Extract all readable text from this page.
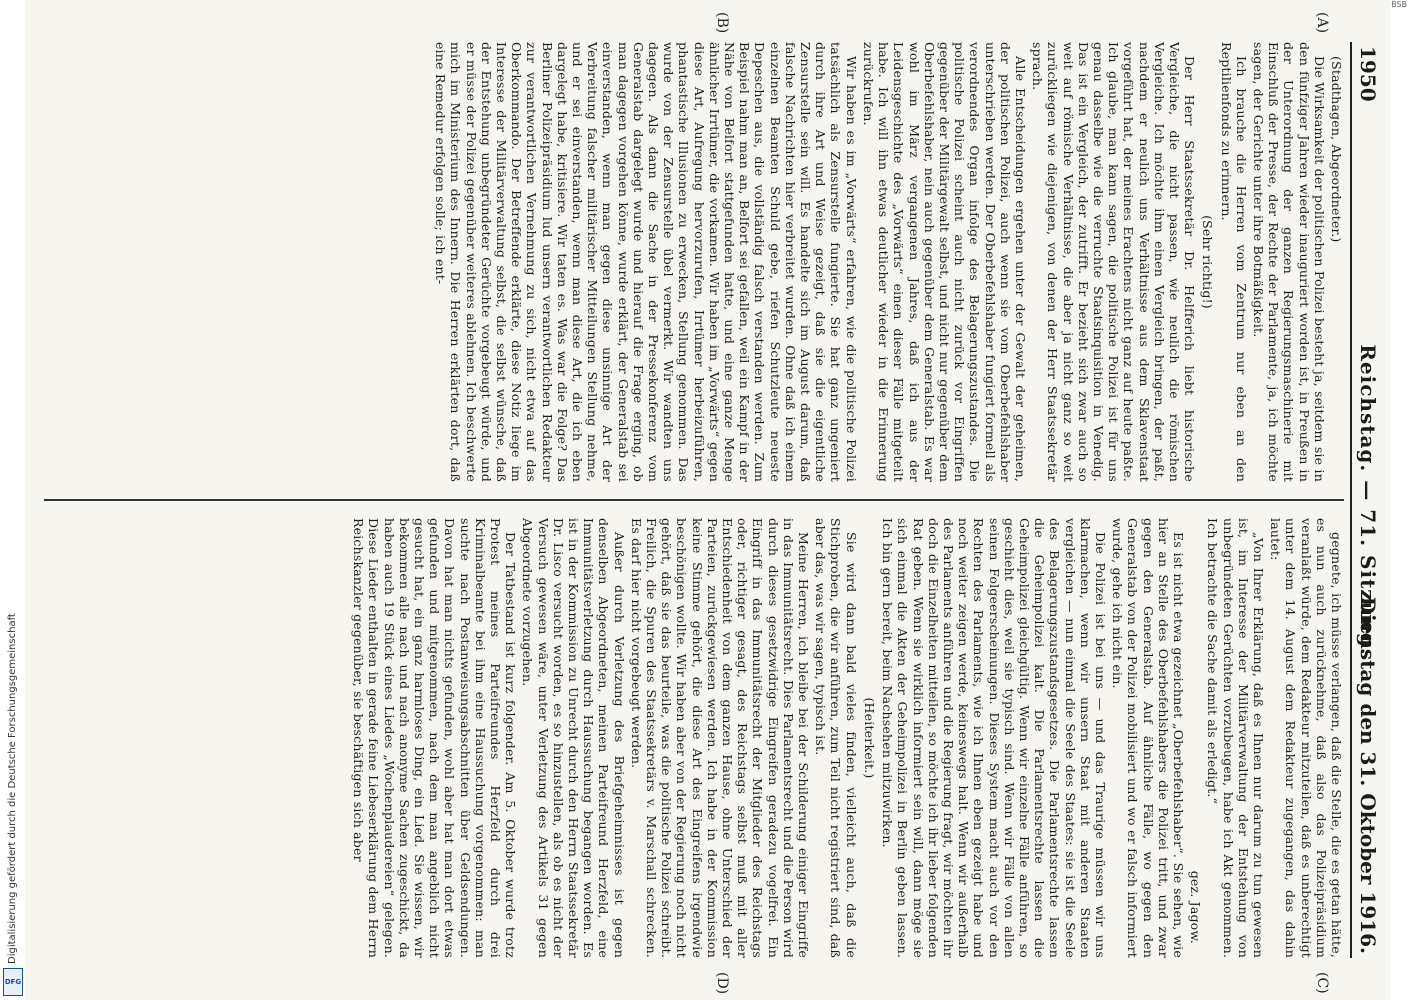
1950
Reichstag. — 71. Sitzung.
Dienstag den 31. Oktober 1916.
(A)
(B)
(C)
(D)

(Stadthagen, Abgeordneter.)

Die Wirksamkeit der politischen Polizei besteht ja, seitdem sie in den fünfziger Jahren wieder inauguriert worden ist, in Preußen in der Unterordnung der ganzen Regierungsmaschinerie mit Einschluß der Presse, der Rechte der Parlamente, ja, ich möchte sagen, der Gerichte unter ihre Botmäßigkeit.

Ich brauche die Herren vom Zentrum nur eben an den Reptilienfonds zu erinnern.

(Sehr richtig!)

Der Herr Staatssekretär Dr. Helfferich liebt historische Vergleiche, die nicht passen, wie neulich die römischen Vergleiche. Ich möchte ihm einen Vergleich bringen, der paßt, nachdem er neulich uns Verhältnisse aus dem Sklavenstaat vorgeführt hat, der meines Erachtens nicht ganz auf heute paßte. Ich glaube, man kann sagen, die politische Polizei ist für uns genau dasselbe wie die verruchte Staatsinquisition in Venedig. Das ist ein Vergleich, der zutrifft. Er bezieht sich zwar auch so weit auf römische Verhältnisse, die aber ja nicht ganz so weit zurückliegen wie diejenigen, von denen der Herr Staatssekretär sprach.

Alle Entscheidungen ergehen unter der Gewalt der geheimen, der politischen Polizei, auch wenn sie vom Oberbefehlshaber unterschrieben werden. Der Oberbefehlshaber fungiert formell als verordnendes Organ infolge des Belagerungszustandes. Die politische Polizei scheint auch nicht zurück vor Eingriffen gegenüber der Militärgewalt selbst, und nicht nur gegenüber dem Oberbefehlshaber, nein auch gegenüber dem Generalstab. Es war wohl im März vergangenen Jahres, daß ich aus der Leidensgeschichte des „Vorwärts“ einen dieser Fälle mitgeteilt habe. Ich will ihn etwas deutlicher wieder in die Erinnerung zurückrufen.

Wir haben es im „Vorwärts“ erfahren, wie die politische Polizei tatsächlich als Zensurstelle fungierte. Sie hat ganz ungeniert durch ihre Art und Weise gezeigt, daß sie die eigentliche Zensurstelle sein will. Es handelte sich im August darum, daß falsche Nachrichten hier verbreitet wurden. Ohne daß ich einem einzelnen Beamten Schuld gebe, riefen Schutzleute neueste Depeschen aus, die vollständig falsch verstanden werden. Zum Beispiel nahm man an, Belfort sei gefallen, weil ein Kampf in der Nähe von Belfort stattgefunden hatte, und eine ganze Menge ähnlicher Irrtümer, die vorkamen. Wir haben im „Vorwärts“ gegen diese Art, Aufregung hervorzurufen, Irrtümer herbeizuführen, phantastische Illusionen zu erwecken, Stellung genommen. Das wurde von der Zensurstelle übel vermerkt. Wir wandten uns dagegen. Als dann die Sache in der Pressekonferenz vom Generalstab dargelegt wurde und hierauf die Frage erging, ob man dagegen vorgehen könne, wurde erklärt, der Generalstab sei einverstanden, wenn man gegen diese unsinnige Art der Verbreitung falscher militärischer Mitteilungen Stellung nehme, und er sei einverstanden, wenn man diese Art, die ich eben dargelegt habe, kritisiere. Wir taten es. Was war die Folge? Das Berliner Polizeipräsidium lud unsern verantwortlichen Redakteur zur verantwortlichen Vernehmung zu sich, nicht etwa auf das Oberkommando. Der Betreffende erklärte, diese Notiz liege im Interesse der Militärverwaltung selbst, die selbst wünsche, daß der Entstehung unbegründeter Gerüchte vorgebeugt würde, und er müsse der Polizei gegenüber weiteres ablehnen. Ich beschwerte mich im Ministerium des Innern. Die Herren erklärten dort, daß eine Remedur erfolgen solle; ich ent-

gegnete, ich müsse verlangen, daß die Stelle, die es getan hätte, es nun auch zurücknehme, daß also das Polizeipräsidium veranlaßt würde, dem Redakteur mitzuteilen, daß es unberechtigt unter dem 14. August dem Redakteur zugegangen, das dahin lautet:

„Von Ihrer Erklärung, daß es Ihnen nur darum zu tun gewesen ist, im Interesse der Militärverwaltung der Entstehung von unbegründeten Gerüchten vorzubeugen, habe ich Akt genommen. Ich betrachte die Sache damit als erledigt.“

gez. Jagow.

Es ist nicht etwa gezeichnet „Oberbefehlshaber“. Sie sehen, wie hier an Stelle des Oberbefehlshabers die Polizei tritt, und zwar gegen den Generalstab. Auf ähnliche Fälle, wo gegen den Generalstab von der Polizei mobilisiert und wo er falsch informiert wurde, gehe ich nicht ein.

Die Polizei ist bei uns — und das Traurige müssen wir uns klarmachen, wenn wir unsern Staat mit anderen Staaten vergleichen — nun einmal die Seele des Staates: sie ist die Seele des Belagerungszustandsgesetzes. Die Parlamentsrechte lassen die Geheimpolizei kalt. Die Parlamentsrechte lassen die Geheimpolizei gleichgültig. Wenn wir einzelne Fälle anführen, so geschieht dies, weil sie typisch sind. Wenn wir Fälle von allen seinen Folgeerscheinungen. Dieses System macht auch vor den Rechten des Parlaments, wie ich Ihnen eben gezeigt habe und noch weiter zeigen werde, keineswegs halt. Wenn wir außerhalb des Parlaments anführen und die Regierung fragt, wir möchten ihr doch die Einzelheiten mitteilen, so möchte ich ihr lieber folgenden Rat geben. Wenn sie wirklich informiert sein will, dann möge sie sich einmal die Akten der Geheimpolizei in Berlin geben lassen. Ich bin gern bereit, beim Nachsehen mitzuwirken.

(Heiterkeit.)

Sie wird dann bald vieles finden, vielleicht auch, daß die Stichproben, die wir anführen, zum Teil nicht registriert sind, daß aber das, was wir sagen, typisch ist.

Meine Herren, ich bleibe bei der Schilderung einiger Eingriffe in das Immunitätsrecht. Dies Parlamentsrecht und die Person wird durch dieses gesetzwidrige Eingreifen geradezu vogelfrei. Ein Eingriff in das Immunitätsrecht der Mitglieder des Reichstags oder, richtiger gesagt, des Reichstags selbst muß mit aller Entschiedenheit von dem ganzen Hause, ohne Unterschied der Parteien, zurückgewiesen werden. Ich habe in der Kommission keine Stimme gehört, die diese Art des Eingreifens irgendwie beschönigen wollte. Wir haben aber von der Regierung noch nicht gehört, daß sie das beurteile, was die politische Polizei schreibt. Freilich, die Spuren des Staatssekretärs v. Marschall schrecken. Es darf hier nicht vorgebeugt werden.

Außer durch Verletzung des Briefgeheimnisses ist gegen denselben Abgeordneten, meinen Parteifreund Herzfeld, eine Immunitätsverletzung durch Haussuchung begangen worden. Es ist in der Kommission zu Unrecht durch den Herrn Staatssekretär Dr. Lisco versucht worden, es so hinzustellen, als ob es nicht der Versuch gewesen wäre, unter Verletzung des Artikels 31 gegen Abgeordnete vorzugehen.

Der Tatbestand ist kurz folgender. Am 5. Oktober wurde trotz Protest meines Parteifreundes Herzfeld durch drei Kriminalbeamte bei ihm eine Haussuchung vorgenommen: man suchte nach Postanweisungsabschnitten über Geldsendungen. Davon hat man nichts gefunden, wohl aber hat man dort etwas gefunden und mitgenommen, nach dem man angeblich nicht gesucht hat, ein ganz harmloses Ding, ein Lied. Sie wissen, wir bekommen alle nach und nach anonyme Sachen zugeschickt, da haben auch 19 Stück eines Liedes „Wochenplaudereien“ gelegen. Diese Lieder enthalten in gerade feine Liebeserklärung dem Herrn Reichskanzler gegenüber, sie beschäftigen sich aber

BSB
Digitalisierung gefördert durch die Deutsche Forschungsgemeinschaft
DFG
